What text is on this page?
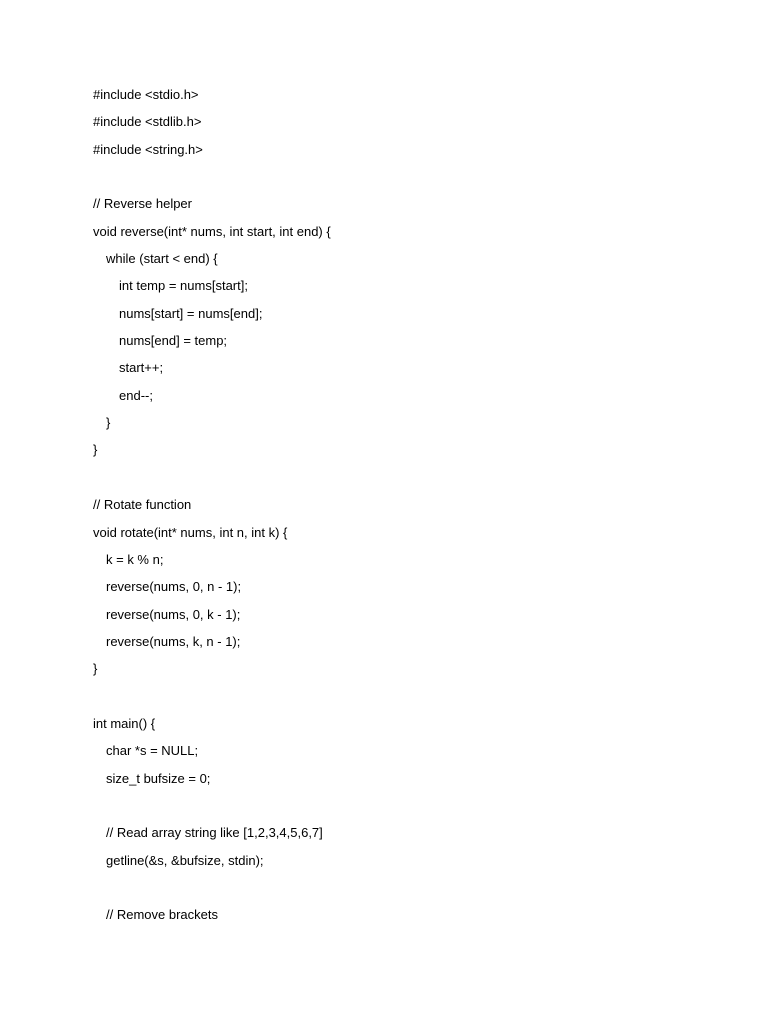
#include <stdio.h>
#include <stdlib.h>
#include <string.h>
// Reverse helper
void reverse(int* nums, int start, int end) {
while (start < end) {
int temp = nums[start];
nums[start] = nums[end];
nums[end] = temp;
start++;
end--;
}
}
// Rotate function
void rotate(int* nums, int n, int k) {
k = k % n;
reverse(nums, 0, n - 1);
reverse(nums, 0, k - 1);
reverse(nums, k, n - 1);
}
int main() {
char *s = NULL;
size_t bufsize = 0;
// Read array string like [1,2,3,4,5,6,7]
getline(&s, &bufsize, stdin);
// Remove brackets
